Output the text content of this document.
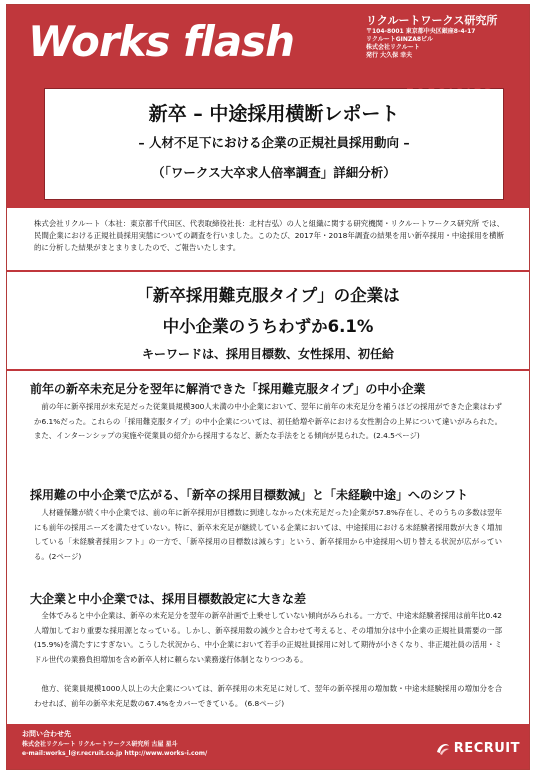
Works flash	リクルートワークス研究所
〒104-8001 東京都中央区銀座8-4-17
リクルートGINZA8ビル
株式会社リクルート
発行 大久保 幸夫
2018.8.23
新卒 – 中途採用横断レポート
– 人材不足下における企業の正規社員採用動向 –
（「ワークス大卒求人倍率調査」詳細分析）
株式会社リクルート（本社：東京都千代田区、代表取締役社長：北村吉弘）の人と組織に関する研究機関・リクルートワークス研究所 では、民間企業における正規社員採用実態についての調査を行いました。このたび、2017年・2018年調査の結果を用い新卒採用・中途採用を横断的に分析した結果がまとまりましたので、ご報告いたします。
「新卒採用難克服タイプ」の企業は
中小企業のうちわずか6.1%
キーワードは、採用目標数、女性採用、初任給
前年の新卒未充足分を翌年に解消できた「採用難克服タイプ」の中小企業
前の年に新卒採用が未充足だった従業員規模300人未満の中小企業において、翌年に前年の未充足分を補うほどの採用ができた企業はわずか6.1%だった。これらの「採用難克服タイプ」の中小企業については、初任給増や新卒における女性割合の上昇について違いがみられた。また、インターンシップの実施や従業員の紹介から採用するなど、新たな手法をとる傾向が見られた。(2.4.5ページ)
採用難の中小企業で広がる、「新卒の採用目標数減」と「未経験中途」へのシフト
人材確保難が続く中小企業では、前の年に新卒採用が目標数に到達しなかった(未充足だった)企業が57.8%存在し、そのうちの多数は翌年にも前年の採用ニーズを満たせていない。特に、新卒未充足が継続している企業においては、中途採用における未経験者採用数が大きく増加している「未経験者採用シフト」の一方で、「新卒採用の目標数は減らす」という、新卒採用から中途採用へ切り替える状況が広がっている。(2ページ)
大企業と中小企業では、採用目標数設定に大きな差
全体でみると中小企業は、新卒の未充足分を翌年の新卒計画で上乗せしていない傾向がみられる。一方で、中途未経験者採用は前年比0.42人増加しており重要な採用源となっている。しかし、新卒採用数の減少と合わせて考えると、その増加分は中小企業の正規社員需要の一部(15.9%)を満たすにすぎない。こうした状況から、中小企業において若手の正規社員採用に対して期待が小さくなり、非正規社員の活用・ミドル世代の業務負担増加を含め新卒人材に頼らない業務遂行体制となりつつある。
他方、従業員規模1000人以上の大企業については、新卒採用の未充足に対して、翌年の新卒採用の増加数・中途未経験採用の増加分を合わせれば、前年の新卒未充足数の67.4%をカバーできている。 (6.8ページ)
お問い合わせ先
株式会社リクルート リクルートワークス研究所 古屋 星斗
e-mail:works_l@r.recruit.co.jp http://www.works-i.com/	RECRUIT
